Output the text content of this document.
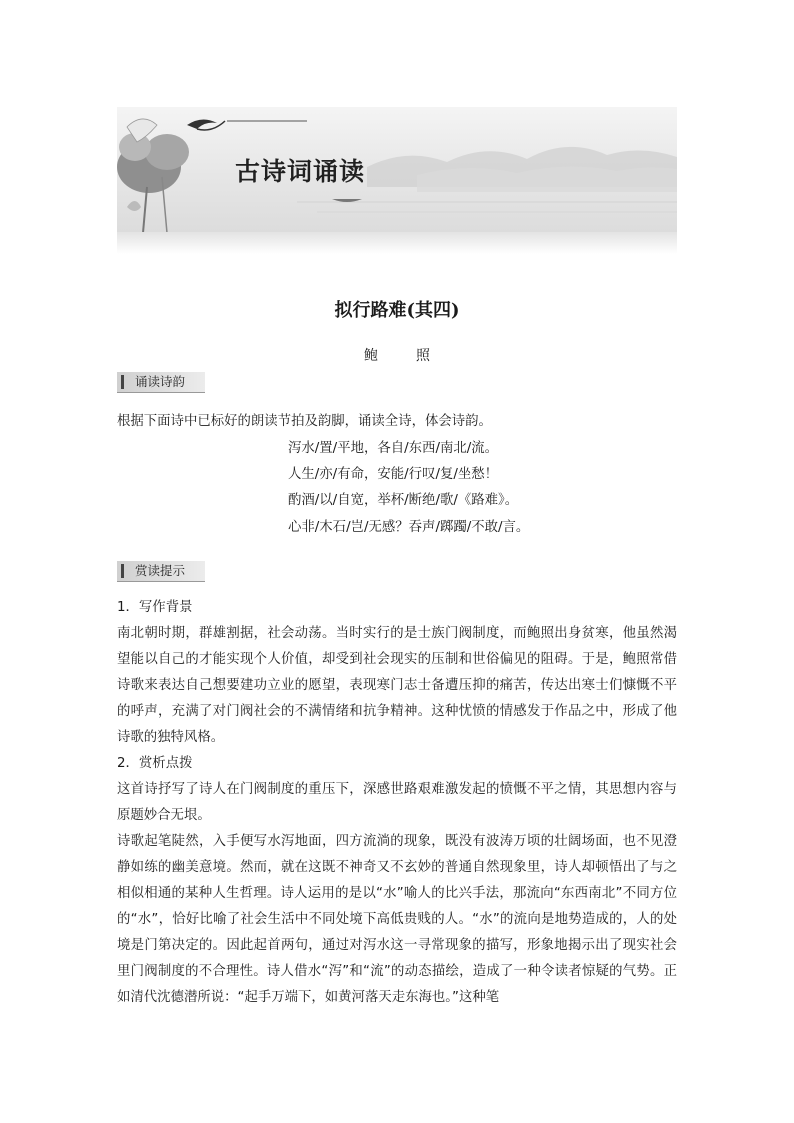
古诗词诵读
拟行路难(其四)
鲍　照
诵读诗韵
根据下面诗中已标好的朗读节拍及韵脚，诵读全诗，体会诗韵。
泻水/置/平地，各自/东西/南北/流。
人生/亦/有命，安能/行叹/复/坐愁！
酌酒/以/自宽，举杯/断绝/歌/《路难》。
心非/木石/岂/无感？吞声/踯躅/不敢/言。
赏读提示

1．写作背景

南北朝时期，群雄割据，社会动荡。当时实行的是士族门阀制度，而鲍照出身贫寒，他虽然渴望能以自己的才能实现个人价值，却受到社会现实的压制和世俗偏见的阻碍。于是，鲍照常借诗歌来表达自己想要建功立业的愿望，表现寒门志士备遭压抑的痛苦，传达出寒士们慷慨不平的呼声，充满了对门阀社会的不满情绪和抗争精神。这种忧愤的情感发于作品之中，形成了他诗歌的独特风格。

2．赏析点拨

这首诗抒写了诗人在门阀制度的重压下，深感世路艰难激发起的愤慨不平之情，其思想内容与原题妙合无垠。

诗歌起笔陡然，入手便写水泻地面，四方流淌的现象，既没有波涛万顷的壮阔场面，也不见澄静如练的幽美意境。然而，就在这既不神奇又不玄妙的普通自然现象里，诗人却顿悟出了与之相似相通的某种人生哲理。诗人运用的是以“水”喻人的比兴手法，那流向“东西南北”不同方位的“水”，恰好比喻了社会生活中不同处境下高低贵贱的人。“水”的流向是地势造成的，人的处境是门第决定的。因此起首两句，通过对泻水这一寻常现象的描写，形象地揭示出了现实社会里门阀制度的不合理性。诗人借水“泻”和“流”的动态描绘，造成了一种令读者惊疑的气势。正如清代沈德潜所说：“起手万端下，如黄河落天走东海也。”这种笔
